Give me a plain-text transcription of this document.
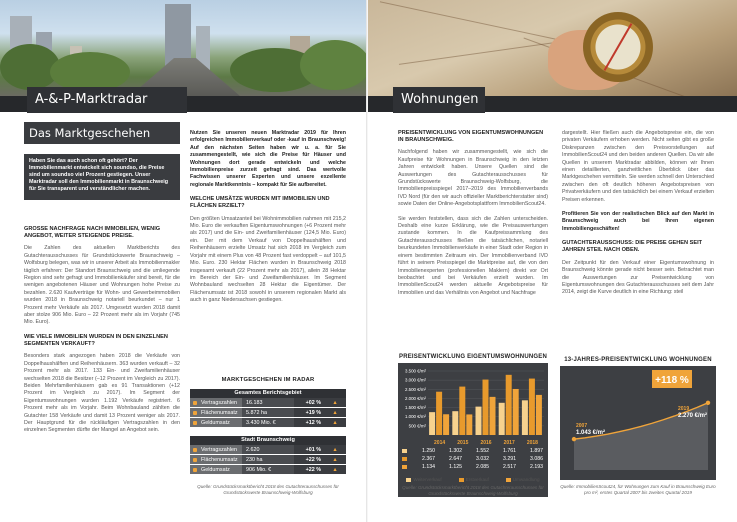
A-&-P-Marktradar	Wohnungen
Das Marktgeschehen
Haben Sie das auch schon oft gehört? Der Immobilienmarkt entwickelt sich soundso, die Preise sind um soundso viel Prozent gestiegen. Unser Marktradar soll den Immobilienmarkt in Braunschweig für Sie transparent und verständlicher machen.
GROSSE NACHFRAGE NACH IMMOBILIEN, WENIG ANGEBOT, WEITER STEIGENDE PREISE.

Die Zahlen des aktuellen Marktberichts des Gutachterausschusses für Grundstückswerte Braunschweig – Wolfsburg belegen, was wir in unserer Arbeit als Immobilienmakler täglich erfahren: Der Standort Braunschweig und die umliegende Region sind sehr gefragt und Immobilienkäufer sind bereit, für die wenigen angebotenen Häuser und Wohnungen hohe Preise zu bezahlen. 2.620 Kaufverträge für Wohn- und Gewerbeimmobilien wurden 2018 in Braunschweig notariell beurkundet – nur 1 Prozent mehr Verkäufe als 2017. Umgesetzt wurden 2018 damit aber stolze 906 Mio. Euro – 22 Prozent mehr als im Vorjahr (745 Mio. Euro).

WIE VIELE IMMOBILIEN WURDEN IN DEN EINZELNEN SEGMENTEN VERKAUFT?

Besonders stark angezogen haben 2018 die Verkäufe von Doppelhaushälften und Reihenhäusern. 363 wurden verkauft – 32 Prozent mehr als 2017. 133 Ein- und Zweifamilienhäuser wechselten 2018 die Besitzer (–12 Prozent im Vergleich zu 2017). Beiden Mehrfamilienhäusern gab es 91 Transaktionen (+12 Prozent im Vergleich zu 2017). Im Segment der Eigentumswohnungen wurden 1.192 Verkäufe registriert. 6 Prozent mehr als im Vorjahr. Beim Wohnbauland zählten die Gutachter 158 Verkäufe und damit 13 Prozent weniger als 2017. Der Hauptgrund für die rückläufigen Vertragszahlen in den einzelnen Segmenten dürfte der Mangel an Angebot sein.

Nutzen Sie unseren neuen Marktradar 2019 für Ihren erfolgreichen Immobilienverkauf oder -kauf in Braunschweig! Auf den nächsten Seiten haben wir u. a. für Sie zusammengestellt, wie sich die Preise für Häuser und Wohnungen dort gerade entwickeln und welche Immobilienpreise zurzeit gefragt sind. Das wertvolle Fachwissen unserer Experten und unsere exzellente regionale Marktkenntnis – kompakt für Sie aufbereitet.

WELCHE UMSÄTZE WURDEN MIT IMMOBILIEN UND FLÄCHEN ERZIELT?

Den größten Umsatzanteil bei Wohnimmobilien nahmen mit 215,2 Mio. Euro die verkauften Eigentumswohnungen (+6 Prozent mehr als 2017) und die Ein- und Zweifamilienhäuser (124,5 Mio. Euro) ein. Der mit dem Verkauf von Doppelhaushälften und Reihenhäusern erzielte Umsatz hat sich 2018 im Vergleich zum Vorjahr mit einem Plus von 48 Prozent fast verdoppelt – auf 101,5 Mio. Euro. 230 Hektar Flächen wurden in Braunschweig 2018 insgesamt verkauft (22 Prozent mehr als 2017), allein 28 Hektar im Bereich der Ein- und Zweifamilienhäuser. Im Segment Wohnbauland wechselten 28 Hektar die Eigentümer. Der Flächenumsatz ist 2018 sowohl in unserem regionalen Markt als auch in ganz Niedersachsen gestiegen.

MARKTGESCHEHEN IM RADAR
Gesamtes Berichtsgebiet
Vertragszahlen	16.183	+02 %	▲
Flächenumsatz	5.872 ha	+19 %	▲
Geldumsatz	3.430 Mio. €	+12 %	▲
Stadt Braunschweig
Vertragszahlen	2.620	+01 %	▲
Flächenumsatz	230 ha	+22 %	▲
Geldumsatz	906 Mio. €	+22 %	▲
Quelle: Grundstücksmarktbericht 2018 des Gutachterausschusses für Grundstückswerte Braunschweig-Wolfsburg
PREISENTWICKLUNG VON EIGENTUMSWOHNUNGEN IN BRAUNSCHWEIG.

Nachfolgend haben wir zusammengestellt, wie sich die Kaufpreise für Wohnungen in Braunschweig in den letzten Jahren entwickelt haben. Unsere Quellen sind die Auswertungen des Gutachterausschusses für Grundstückswerte Braunschweig-Wolfsburg, die Immobilienpreisspiegel 2017–2019 des Immobilienverbands IVD Nord (für den wir auch offizieller Marktberichterstatter sind) sowie Daten der Online-Angebotsplattform ImmobilienScout24.

Sie werden feststellen, dass sich die Zahlen unterscheiden. Deshalb eine kurze Erklärung, wie die Preisauswertungen zustande kommen. In die Kaufpreissammlung des Gutachterausschusses fließen die tatsächlichen, notariell beurkundeten Immobilienverkäufe in einer Stadt oder Region in einem bestimmten Zeitraum ein. Der Immobilienverband IVD führt in seinem Preisspiegel die Marktpreise auf, die von den Immobilienexperten (professionellen Maklern) direkt vor Ort beobachtet und bei Verkäufen erzielt wurden. Im ImmobilienScout24 werden aktuelle Angebotspreise für Immobilien und das Verhältnis von Angebot und Nachfrage

dargestellt. Hier fließen auch die Angebotspreise ein, die von privaten Verkäufern erhoben werden. Nicht selten gibt es große Diskrepanzen zwischen den Preisvorstellungen auf ImmobilienScout24 und den beiden anderen Quellen. Da wir alle Quellen in unserem Marktradar abbilden, können wir Ihnen einen detaillierten, ganzheitlichen Überblick über das Marktgeschehen vermitteln. Sie werden schnell den Unterschied zwischen den oft deutlich höheren Angebotspreisen von Privatverkäufern und den tatsächlich bei einem Verkauf erzielten Preisen erkennen.

Profitieren Sie von der realistischen Blick auf den Markt in Braunschweig auch bei Ihren eigenen Immobiliengeschäften!

GUTACHTERAUSSCHUSS: DIE PREISE GEHEN SEIT JAHREN STEIL NACH OBEN.

Der Zeitpunkt für den Verkauf einer Eigentumswohnung in Braunschweig könnte gerade nicht besser sein. Betrachtet man die Auswertungen zur Preisentwicklung von Eigentumswohnungen des Gutachterausschusses seit dem Jahr 2014, zeigt die Kurve deutlich in eine Richtung: steil

PREISENTWICKLUNG EIGENTUMSWOHNUNGEN
3.500 €/m²
3.000 €/m²
2.500 €/m²
2.000 €/m²
1.500 €/m²
1.000 €/m²
500 €/m²
2014 2015 2016 2017 2018
1.250	1.302	1.552	1.761	1.897
2.367	2.647	3.032	3.291	3.086
1.134	1.125	2.085	2.517	2.193
Weiterverkauf	Erstverkauf	Umwandlung
Quelle: Grundstücksmarktbericht 2018 des Gutachterausschusses für Grundstückswerte Braunschweig-Wolfsburg
13-JAHRES-PREISENTWICKLUNG WOHNUNGEN
+118 %
2019
2.270 €/m²
2007
1.043 €/m²
Quelle: ImmobilienScout24, für Wohnungen zum Kauf in Braunschweig Euro pro m², erstes Quartal 2007 bis zweites Quartal 2019
